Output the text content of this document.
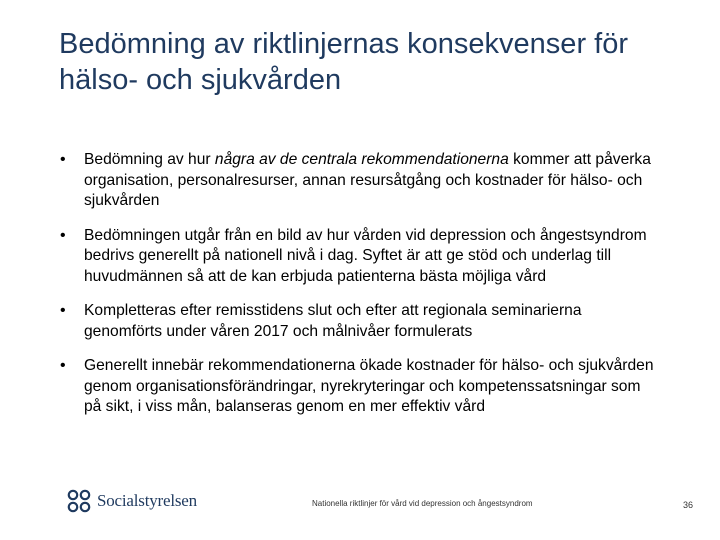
Bedömning av riktlinjernas konsekvenser för hälso- och sjukvården
• Bedömning av hur några av de centrala rekommendationerna kommer att påverka organisation, personalresurser, annan resursåtgång och kostnader för hälso- och sjukvården
• Bedömningen utgår från en bild av hur vården vid depression och ångestsyndrom bedrivs generellt på nationell nivå i dag. Syftet är att ge stöd och underlag till huvudmännen så att de kan erbjuda patienterna bästa möjliga vård
• Kompletteras efter remisstidens slut och efter att regionala seminarierna genomförts under våren 2017 och målnivåer formulerats
• Generellt innebär rekommendationerna ökade kostnader för hälso- och sjukvården genom organisationsförändringar, nyrekryteringar och kompetenssatsningar som på sikt, i viss mån, balanseras genom en mer effektiv vård
Socialstyrelsen	Nationella riktlinjer för vård vid depression och ångestsyndrom	36
